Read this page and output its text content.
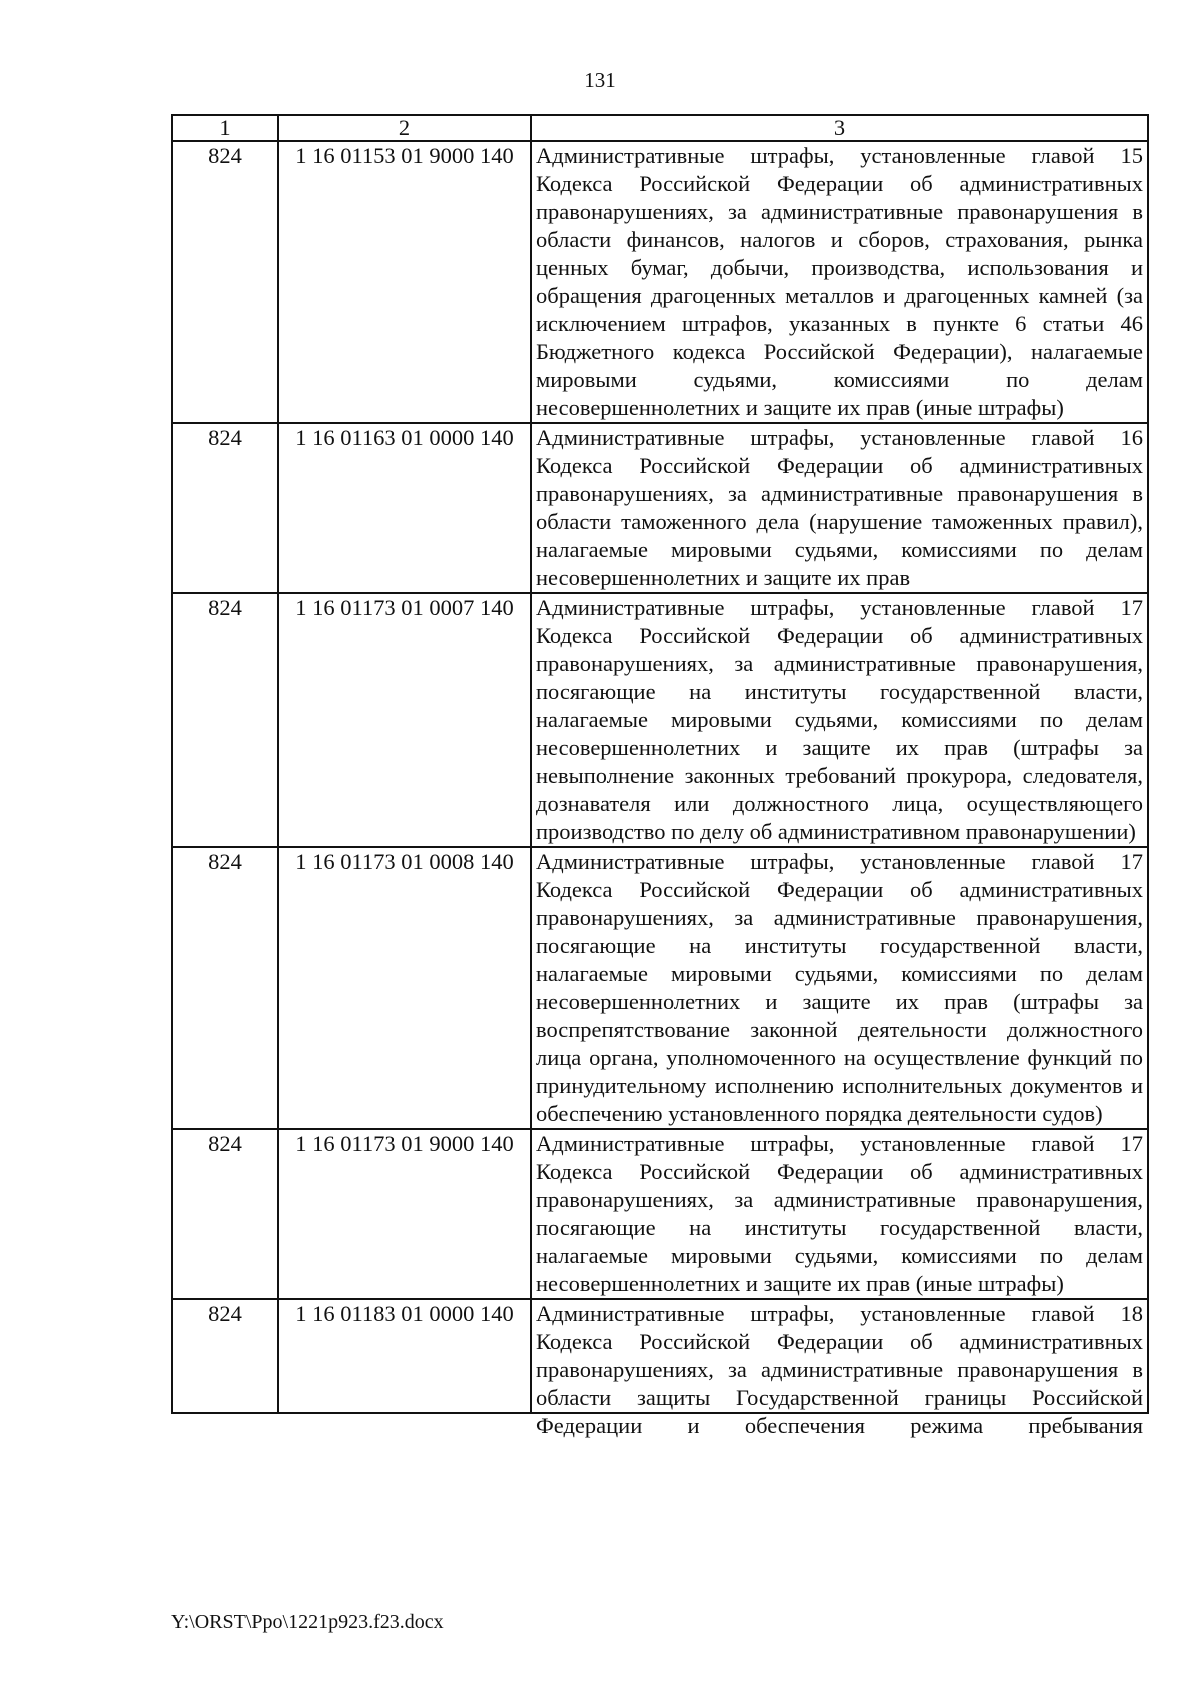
131
1	2	3
824	1 16 01153 01 9000 140	Административные штрафы, установленные главой 15 Кодекса Российской Федерации об административных правонарушениях, за административные правонарушения в области финансов, налогов и сборов, страхования, рынка ценных бумаг, добычи, производства, использования и обращения драгоценных металлов и драгоценных камней (за исключением штрафов, указанных в пункте 6 статьи 46 Бюджетного кодекса Российской Федерации), налагаемые мировыми судьями, комиссиями по делам несовершеннолетних и защите их прав (иные штрафы)
824	1 16 01163 01 0000 140	Административные штрафы, установленные главой 16 Кодекса Российской Федерации об административных правонарушениях, за административные правонарушения в области таможенного дела (нарушение таможенных правил), налагаемые мировыми судьями, комиссиями по делам несовершеннолетних и защите их прав
824	1 16 01173 01 0007 140	Административные штрафы, установленные главой 17 Кодекса Российской Федерации об административных правонарушениях, за административные правонарушения, посягающие на институты государственной власти, налагаемые мировыми судьями, комиссиями по делам несовершеннолетних и защите их прав (штрафы за невыполнение законных требований прокурора, следователя, дознавателя или должностного лица, осуществляющего производство по делу об административном правонарушении)
824	1 16 01173 01 0008 140	Административные штрафы, установленные главой 17 Кодекса Российской Федерации об административных правонарушениях, за административные правонарушения, посягающие на институты государственной власти, налагаемые мировыми судьями, комиссиями по делам несовершеннолетних и защите их прав (штрафы за воспрепятствование законной деятельности должностного лица органа, уполномоченного на осуществление функций по принудительному исполнению исполнительных документов и обеспечению установленного порядка деятельности судов)
824	1 16 01173 01 9000 140	Административные штрафы, установленные главой 17 Кодекса Российской Федерации об административных правонарушениях, за административные правонарушения, посягающие на институты государственной власти, налагаемые мировыми судьями, комиссиями по делам несовершеннолетних и защите их прав (иные штрафы)
824	1 16 01183 01 0000 140	Административные штрафы, установленные главой 18 Кодекса Российской Федерации об административных правонарушениях, за административные правонарушения в области защиты Государственной границы Российской Федерации и обеспечения режима пребывания
Y:\ORST\Ppo\1221p923.f23.docx
